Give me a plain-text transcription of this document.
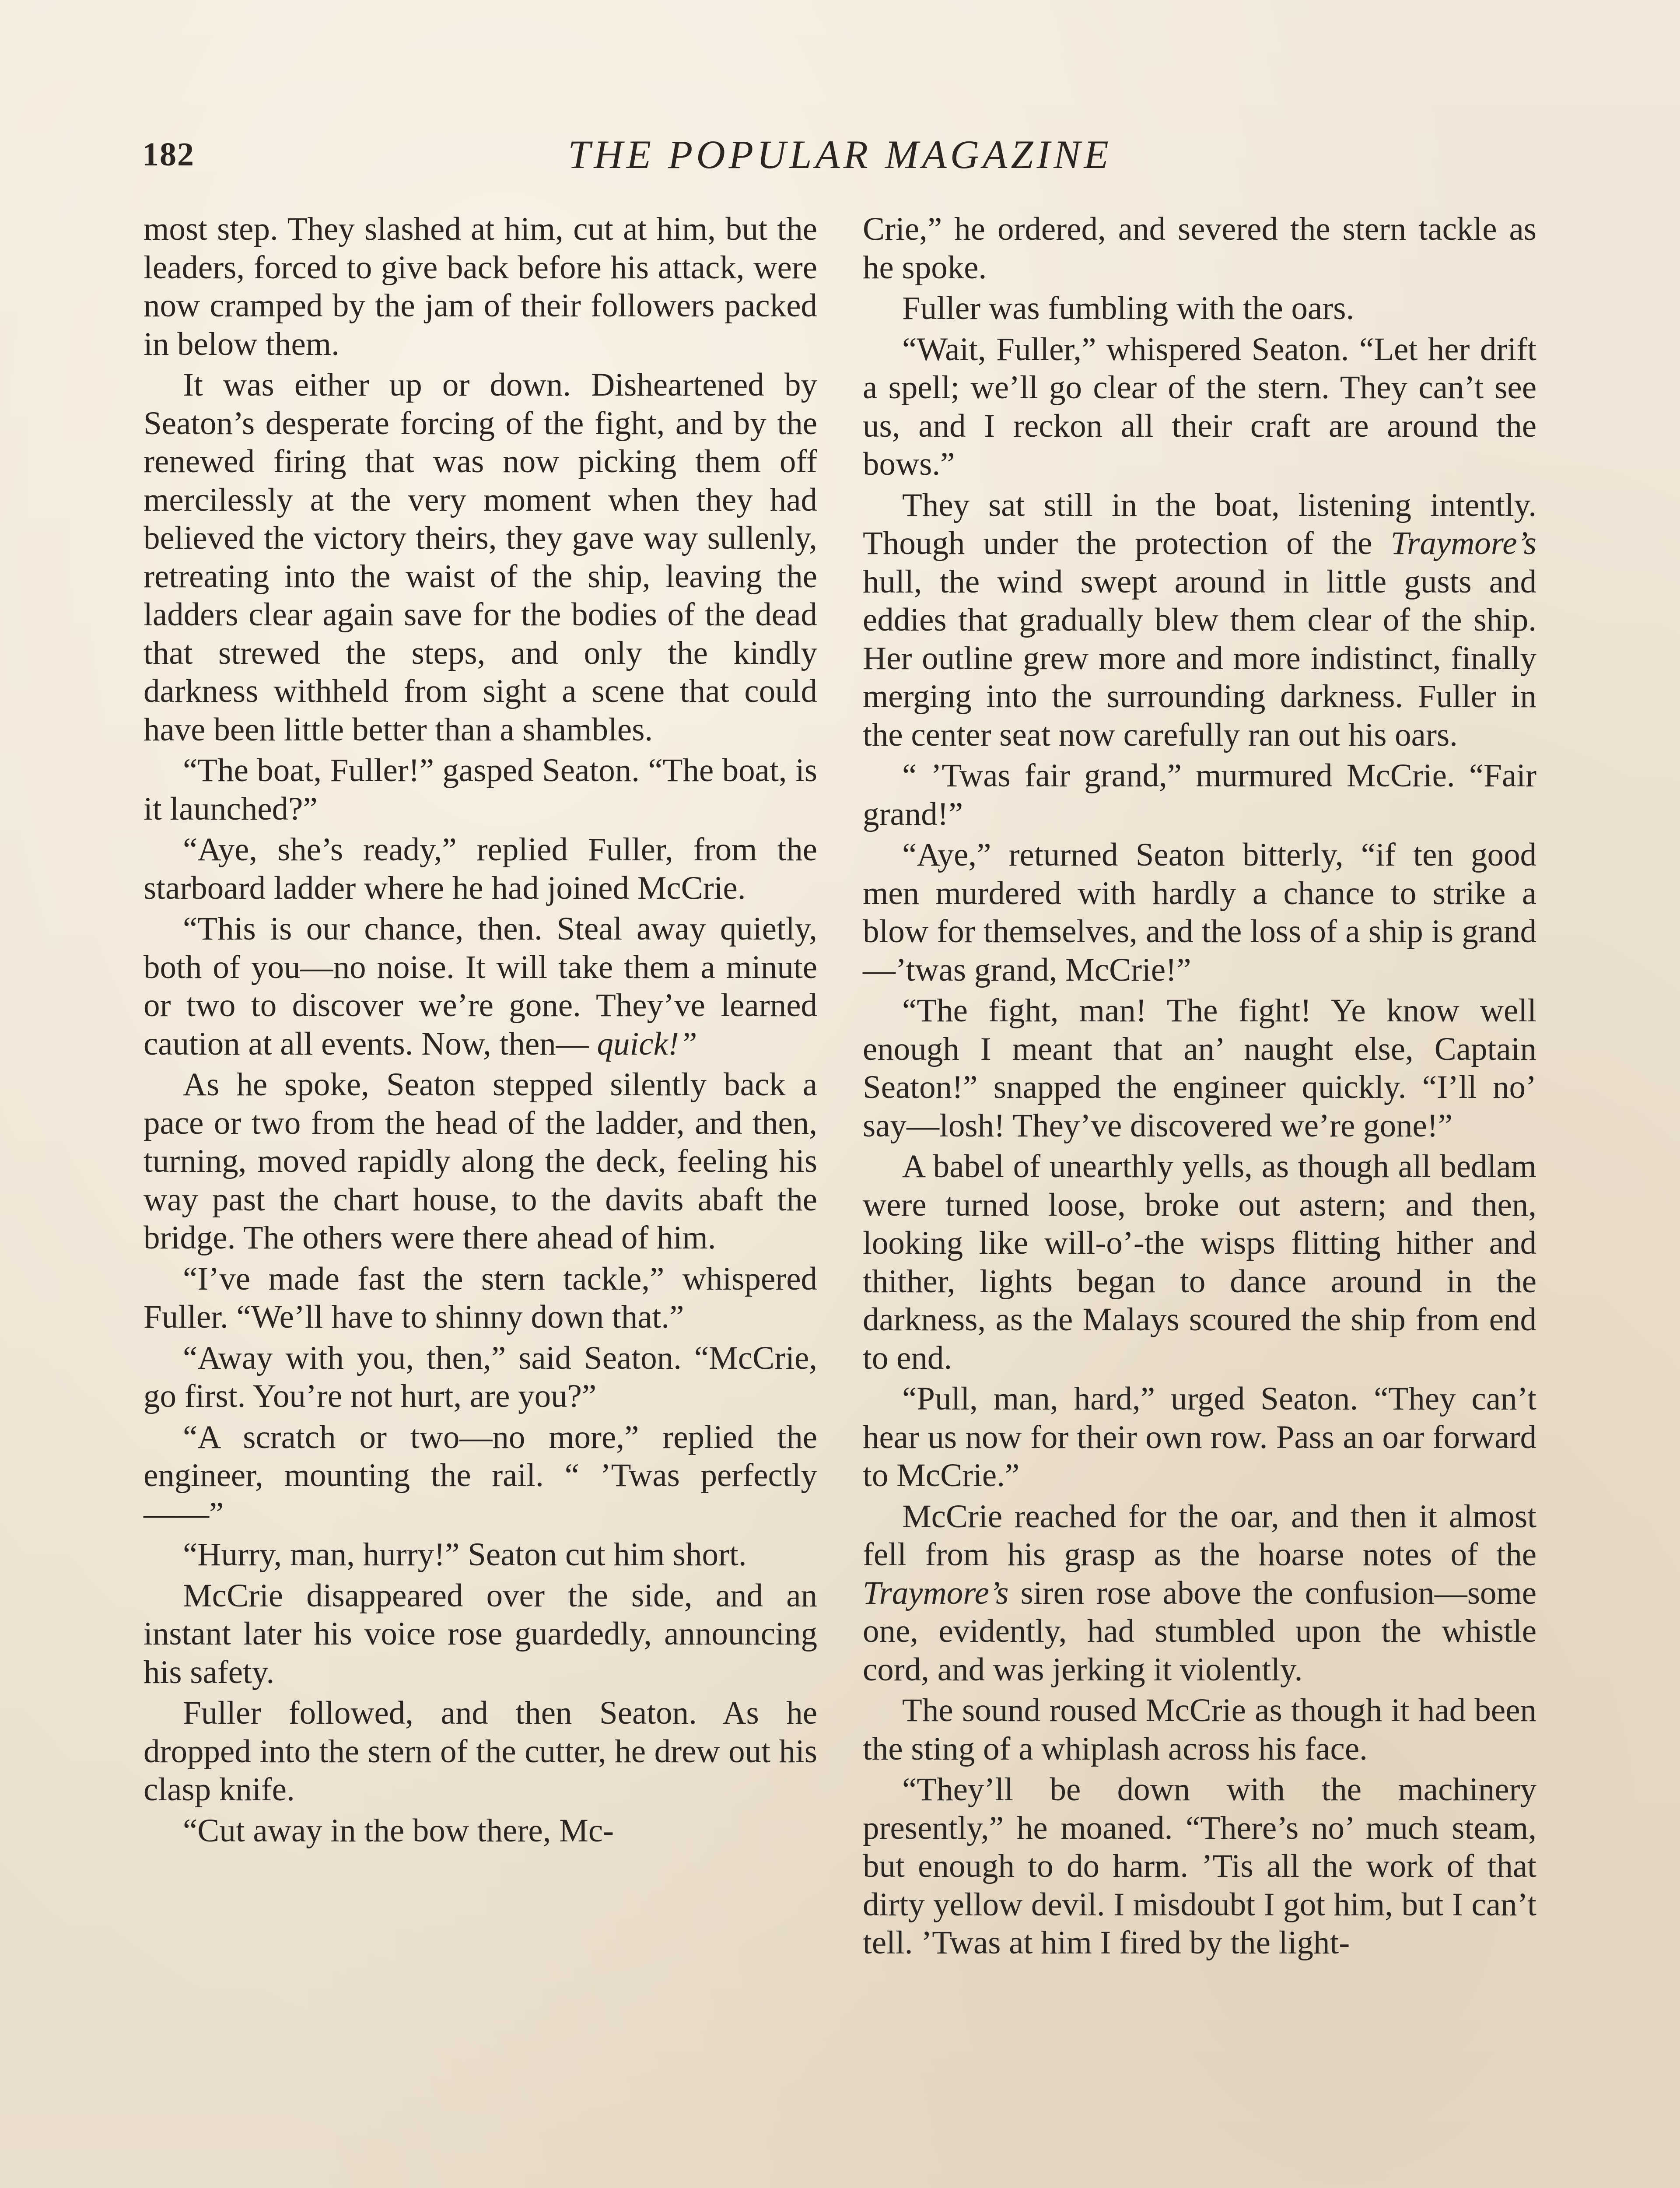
182	THE POPULAR MAGAZINE

most step. They slashed at him, cut at him, but the leaders, forced to give back before his attack, were now cramped by the jam of their followers packed in below them.

It was either up or down. Disheartened by Seaton’s desperate forcing of the fight, and by the renewed firing that was now picking them off mercilessly at the very moment when they had believed the victory theirs, they gave way sullenly, retreating into the waist of the ship, leaving the ladders clear again save for the bodies of the dead that strewed the steps, and only the kindly darkness withheld from sight a scene that could have been little better than a shambles.

“The boat, Fuller!” gasped Seaton. “The boat, is it launched?”

“Aye, she’s ready,” replied Fuller, from the starboard ladder where he had joined McCrie.

“This is our chance, then. Steal away quietly, both of you—no noise. It will take them a minute or two to discover we’re gone. They’ve learned caution at all events. Now, then— quick!”

As he spoke, Seaton stepped silently back a pace or two from the head of the ladder, and then, turning, moved rapidly along the deck, feeling his way past the chart house, to the davits abaft the bridge. The others were there ahead of him.

“I’ve made fast the stern tackle,” whispered Fuller. “We’ll have to shinny down that.”

“Away with you, then,” said Seaton. “McCrie, go first. You’re not hurt, are you?”

“A scratch or two—no more,” replied the engineer, mounting the rail. “ ’Twas perfectly——”

“Hurry, man, hurry!” Seaton cut him short.

McCrie disappeared over the side, and an instant later his voice rose guardedly, announcing his safety.

Fuller followed, and then Seaton. As he dropped into the stern of the cutter, he drew out his clasp knife.

“Cut away in the bow there, Mc-

Crie,” he ordered, and severed the stern tackle as he spoke.

Fuller was fumbling with the oars.

“Wait, Fuller,” whispered Seaton. “Let her drift a spell; we’ll go clear of the stern. They can’t see us, and I reckon all their craft are around the bows.”

They sat still in the boat, listening intently. Though under the protection of the Traymore’s hull, the wind swept around in little gusts and eddies that gradually blew them clear of the ship. Her outline grew more and more indistinct, finally merging into the surrounding darkness. Fuller in the center seat now carefully ran out his oars.

“ ’Twas fair grand,” murmured McCrie. “Fair grand!”

“Aye,” returned Seaton bitterly, “if ten good men murdered with hardly a chance to strike a blow for themselves, and the loss of a ship is grand—’twas grand, McCrie!”

“The fight, man! The fight! Ye know well enough I meant that an’ naught else, Captain Seaton!” snapped the engineer quickly. “I’ll no’ say—losh! They’ve discovered we’re gone!”

A babel of unearthly yells, as though all bedlam were turned loose, broke out astern; and then, looking like will-o’-the wisps flitting hither and thither, lights began to dance around in the darkness, as the Malays scoured the ship from end to end.

“Pull, man, hard,” urged Seaton. “They can’t hear us now for their own row. Pass an oar forward to McCrie.”

McCrie reached for the oar, and then it almost fell from his grasp as the hoarse notes of the Traymore’s siren rose above the confusion—some one, evidently, had stumbled upon the whistle cord, and was jerking it violently.

The sound roused McCrie as though it had been the sting of a whiplash across his face.

“They’ll be down with the machinery presently,” he moaned. “There’s no’ much steam, but enough to do harm. ’Tis all the work of that dirty yellow devil. I misdoubt I got him, but I can’t tell. ’Twas at him I fired by the light-
